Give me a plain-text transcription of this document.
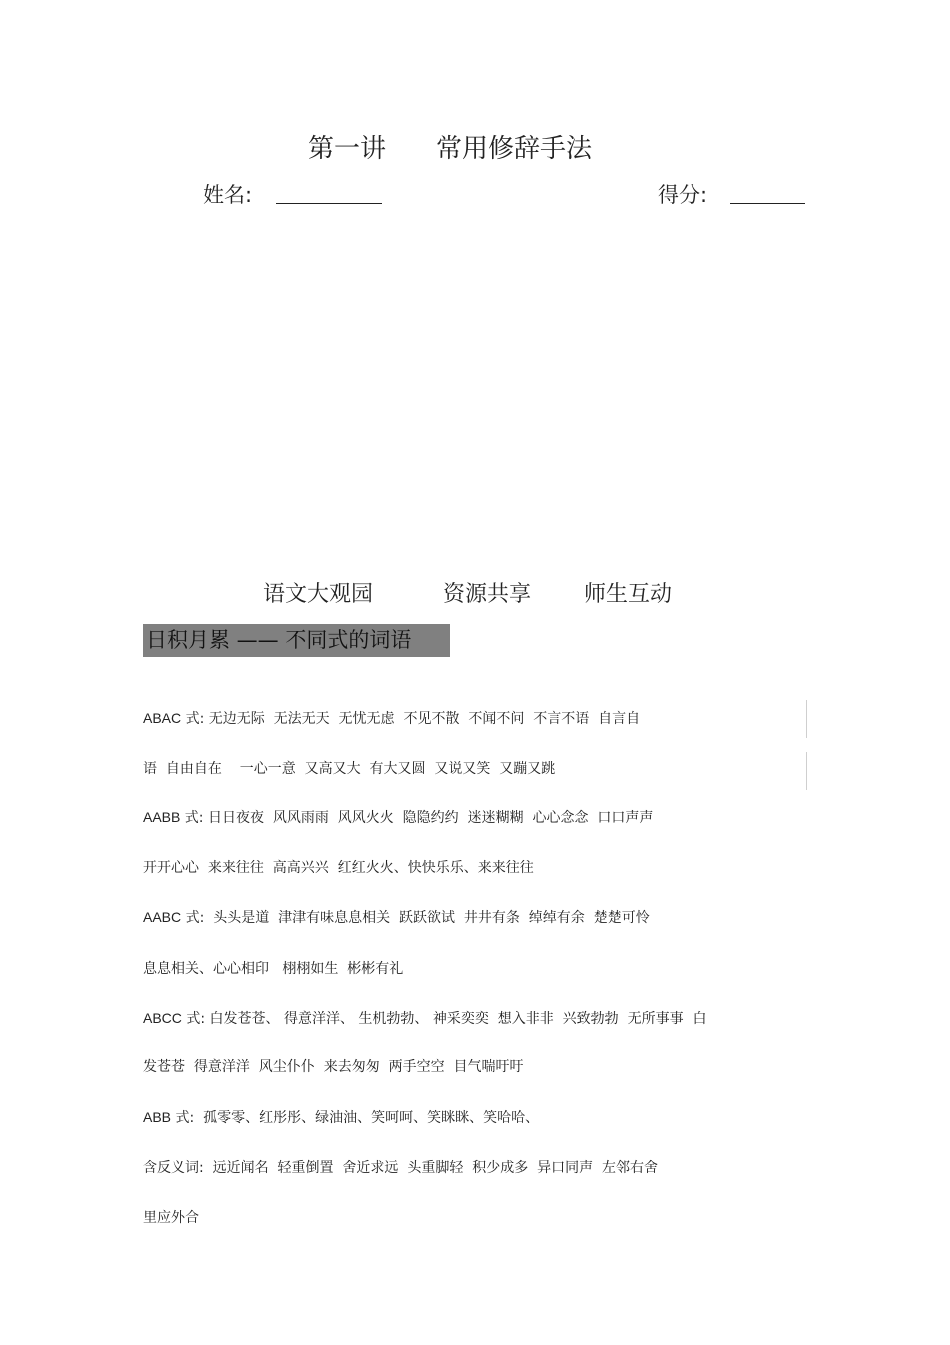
第一讲 常用修辞手法
姓名:	得分:
语文大观园	资源共享 师生互动
日积月累 —— 不同式的词语
ABAC 式: 无边无际  无法无天  无忧无虑  不见不散  不闻不问  不言不语  自言自
语  自由自在    一心一意  又高又大  有大又圆  又说又笑  又蹦又跳
AABB 式: 日日夜夜  风风雨雨  风风火火  隐隐约约  迷迷糊糊  心心念念  口口声声
开开心心  来来往往  高高兴兴  红红火火、快快乐乐、来来往往
AABC 式:  头头是道  津津有味息息相关  跃跃欲试  井井有条  绰绰有余  楚楚可怜
息息相关、心心相印   栩栩如生  彬彬有礼
ABCC 式: 白发苍苍、 得意洋洋、 生机勃勃、 神采奕奕  想入非非  兴致勃勃  无所事事  白
发苍苍  得意洋洋  风尘仆仆  来去匆匆  两手空空  目气喘吁吁
ABB 式:  孤零零、红彤彤、绿油油、笑呵呵、笑眯眯、笑哈哈、
含反义词:  远近闻名  轻重倒置  舍近求远  头重脚轻  积少成多  异口同声  左邻右舍
里应外合
